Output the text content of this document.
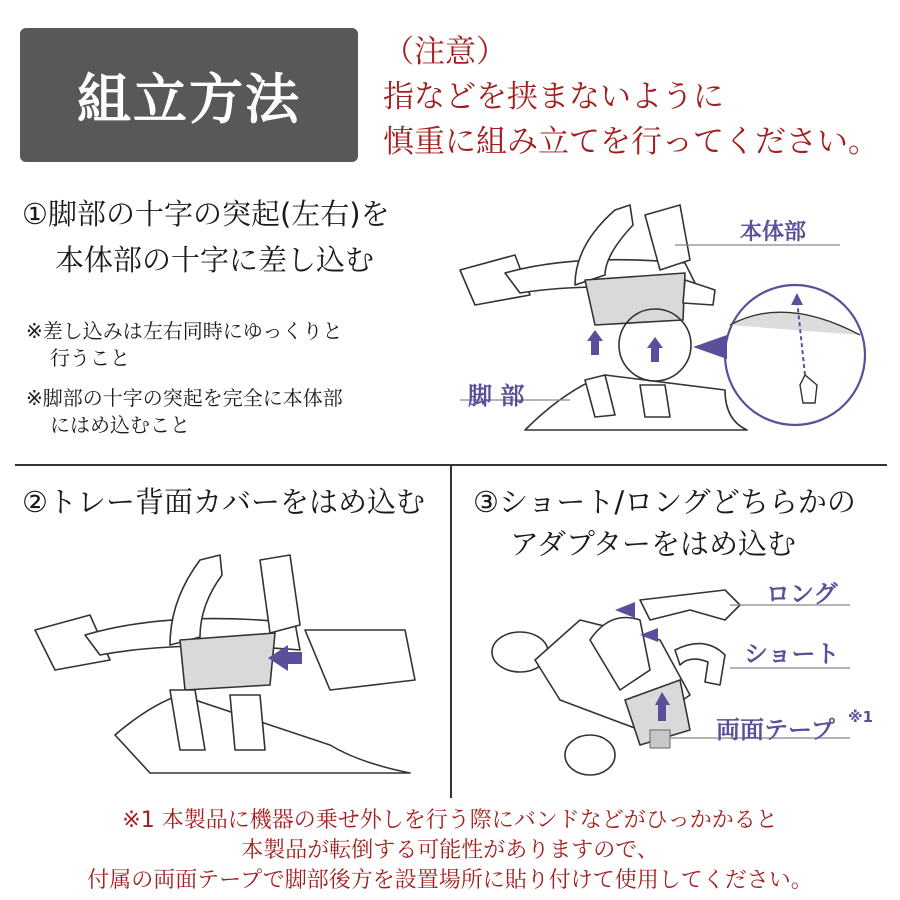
組立方法
（注意）
指などを挟まないように
慎重に組み立てを行ってください。
①脚部の十字の突起(左右)を
本体部の十字に差し込む
※差し込みは左右同時にゆっくりと
行うこと
※脚部の十字の突起を完全に本体部
にはめ込むこと
本体部
脚 部
②トレー背面カバーをはめ込む ③ショート/ロングどちらかの
アダプターをはめ込む
ロング
ショート
両面テープ ※1
※1 本製品に機器の乗せ外しを行う際にバンドなどがひっかかると
本製品が転倒する可能性がありますので、
付属の両面テープで脚部後方を設置場所に貼り付けて使用してください。
